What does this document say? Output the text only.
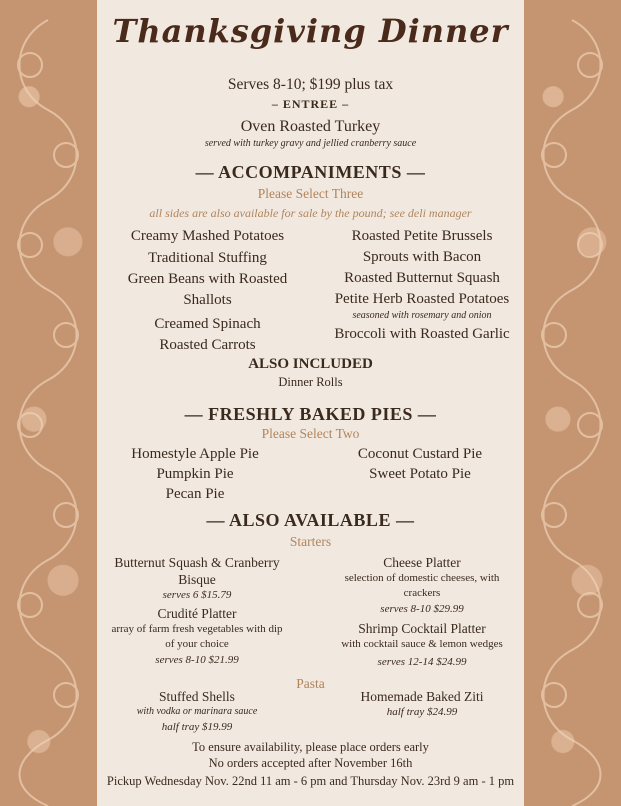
Thanksgiving Dinner
Serves 8-10; $199 plus tax
– ENTREE –
Oven Roasted Turkey
served with turkey gravy and jellied cranberry sauce
— ACCOMPANIMENTS —
Please Select Three
all sides are also available for sale by the pound; see deli manager
Creamy Mashed Potatoes
Traditional Stuffing
Green Beans with Roasted
Shallots
Creamed Spinach
Roasted Carrots
Roasted Petite Brussels
Sprouts with Bacon
Roasted Butternut Squash
Petite Herb Roasted Potatoes
seasoned with rosemary and onion
Broccoli with Roasted Garlic
ALSO INCLUDED
Dinner Rolls
— FRESHLY BAKED PIES —
Please Select Two
Homestyle Apple Pie
Pumpkin Pie
Pecan Pie
Coconut Custard Pie
Sweet Potato Pie
— ALSO AVAILABLE —
Starters
Butternut Squash & Cranberry
Bisque
serves 6 $15.79
Crudité Platter
array of farm fresh vegetables with dip
of your choice
serves 8-10 $21.99
Cheese Platter
selection of domestic cheeses, with
crackers
serves 8-10 $29.99
Shrimp Cocktail Platter
with cocktail sauce & lemon wedges
serves 12-14 $24.99
Pasta
Stuffed Shells
with vodka or marinara sauce
half tray $19.99
Homemade Baked Ziti
half tray $24.99
To ensure availability, please place orders early
No orders accepted after November 16th
Pickup Wednesday Nov. 22nd 11 am - 6 pm and Thursday Nov. 23rd 9 am - 1 pm
